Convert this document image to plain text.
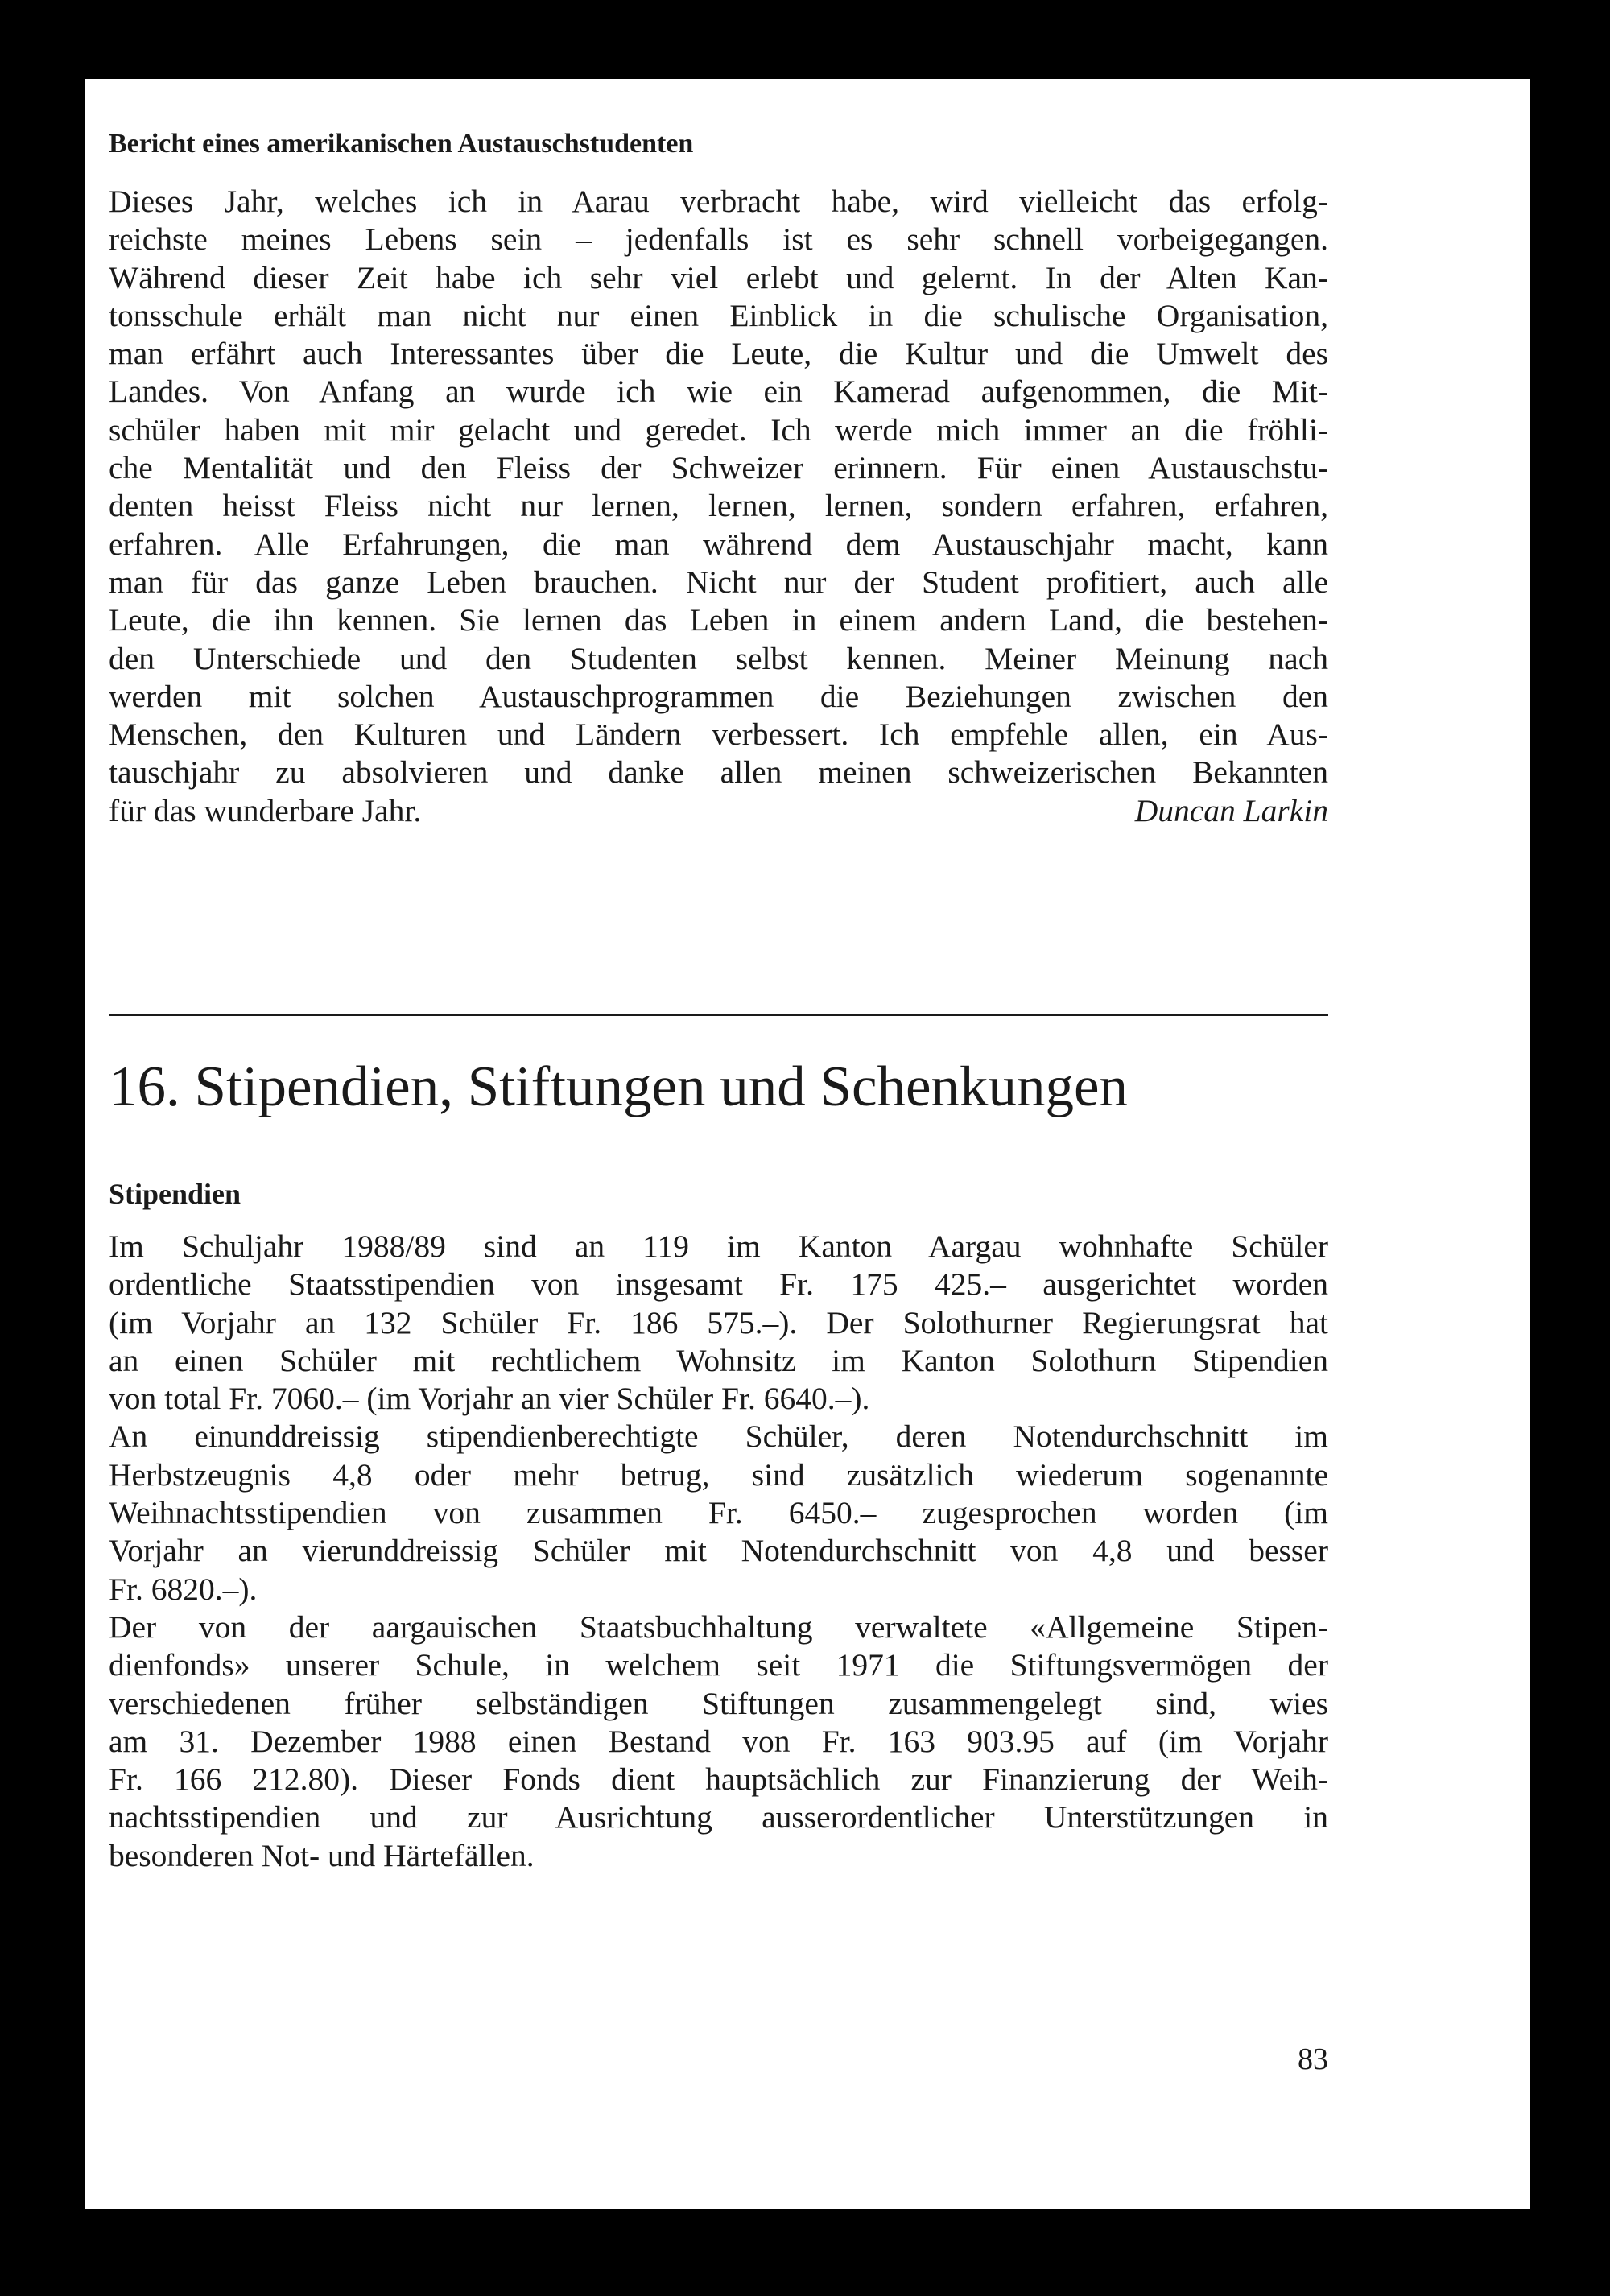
Bericht eines amerikanischen Austauschstudenten
Dieses Jahr, welches ich in Aarau verbracht habe, wird vielleicht das erfolg-
reichste meines Lebens sein – jedenfalls ist es sehr schnell vorbeigegangen.
Während dieser Zeit habe ich sehr viel erlebt und gelernt. In der Alten Kan-
tonsschule erhält man nicht nur einen Einblick in die schulische Organisation,
man erfährt auch Interessantes über die Leute, die Kultur und die Umwelt des
Landes. Von Anfang an wurde ich wie ein Kamerad aufgenommen, die Mit-
schüler haben mit mir gelacht und geredet. Ich werde mich immer an die fröhli-
che Mentalität und den Fleiss der Schweizer erinnern. Für einen Austauschstu-
denten heisst Fleiss nicht nur lernen, lernen, lernen, sondern erfahren, erfahren,
erfahren. Alle Erfahrungen, die man während dem Austauschjahr macht, kann
man für das ganze Leben brauchen. Nicht nur der Student profitiert, auch alle
Leute, die ihn kennen. Sie lernen das Leben in einem andern Land, die bestehen-
den Unterschiede und den Studenten selbst kennen. Meiner Meinung nach
werden mit solchen Austauschprogrammen die Beziehungen zwischen den
Menschen, den Kulturen und Ländern verbessert. Ich empfehle allen, ein Aus-
tauschjahr zu absolvieren und danke allen meinen schweizerischen Bekannten
für das wunderbare Jahr.	Duncan Larkin
16. Stipendien, Stiftungen und Schenkungen
Stipendien
Im Schuljahr 1988/89 sind an 119 im Kanton Aargau wohnhafte Schüler
ordentliche Staatsstipendien von insgesamt Fr. 175 425.– ausgerichtet worden
(im Vorjahr an 132 Schüler Fr. 186 575.–). Der Solothurner Regierungsrat hat
an einen Schüler mit rechtlichem Wohnsitz im Kanton Solothurn Stipendien
von total Fr. 7060.– (im Vorjahr an vier Schüler Fr. 6640.–).
An einunddreissig stipendienberechtigte Schüler, deren Notendurchschnitt im
Herbstzeugnis 4,8 oder mehr betrug, sind zusätzlich wiederum sogenannte
Weihnachtsstipendien von zusammen Fr. 6450.– zugesprochen worden (im
Vorjahr an vierunddreissig Schüler mit Notendurchschnitt von 4,8 und besser
Fr. 6820.–).
Der von der aargauischen Staatsbuchhaltung verwaltete «Allgemeine Stipen-
dienfonds» unserer Schule, in welchem seit 1971 die Stiftungsvermögen der
verschiedenen früher selbständigen Stiftungen zusammengelegt sind, wies
am 31. Dezember 1988 einen Bestand von Fr. 163 903.95 auf (im Vorjahr
Fr. 166 212.80). Dieser Fonds dient hauptsächlich zur Finanzierung der Weih-
nachtsstipendien und zur Ausrichtung ausserordentlicher Unterstützungen in
besonderen Not- und Härtefällen.
83
